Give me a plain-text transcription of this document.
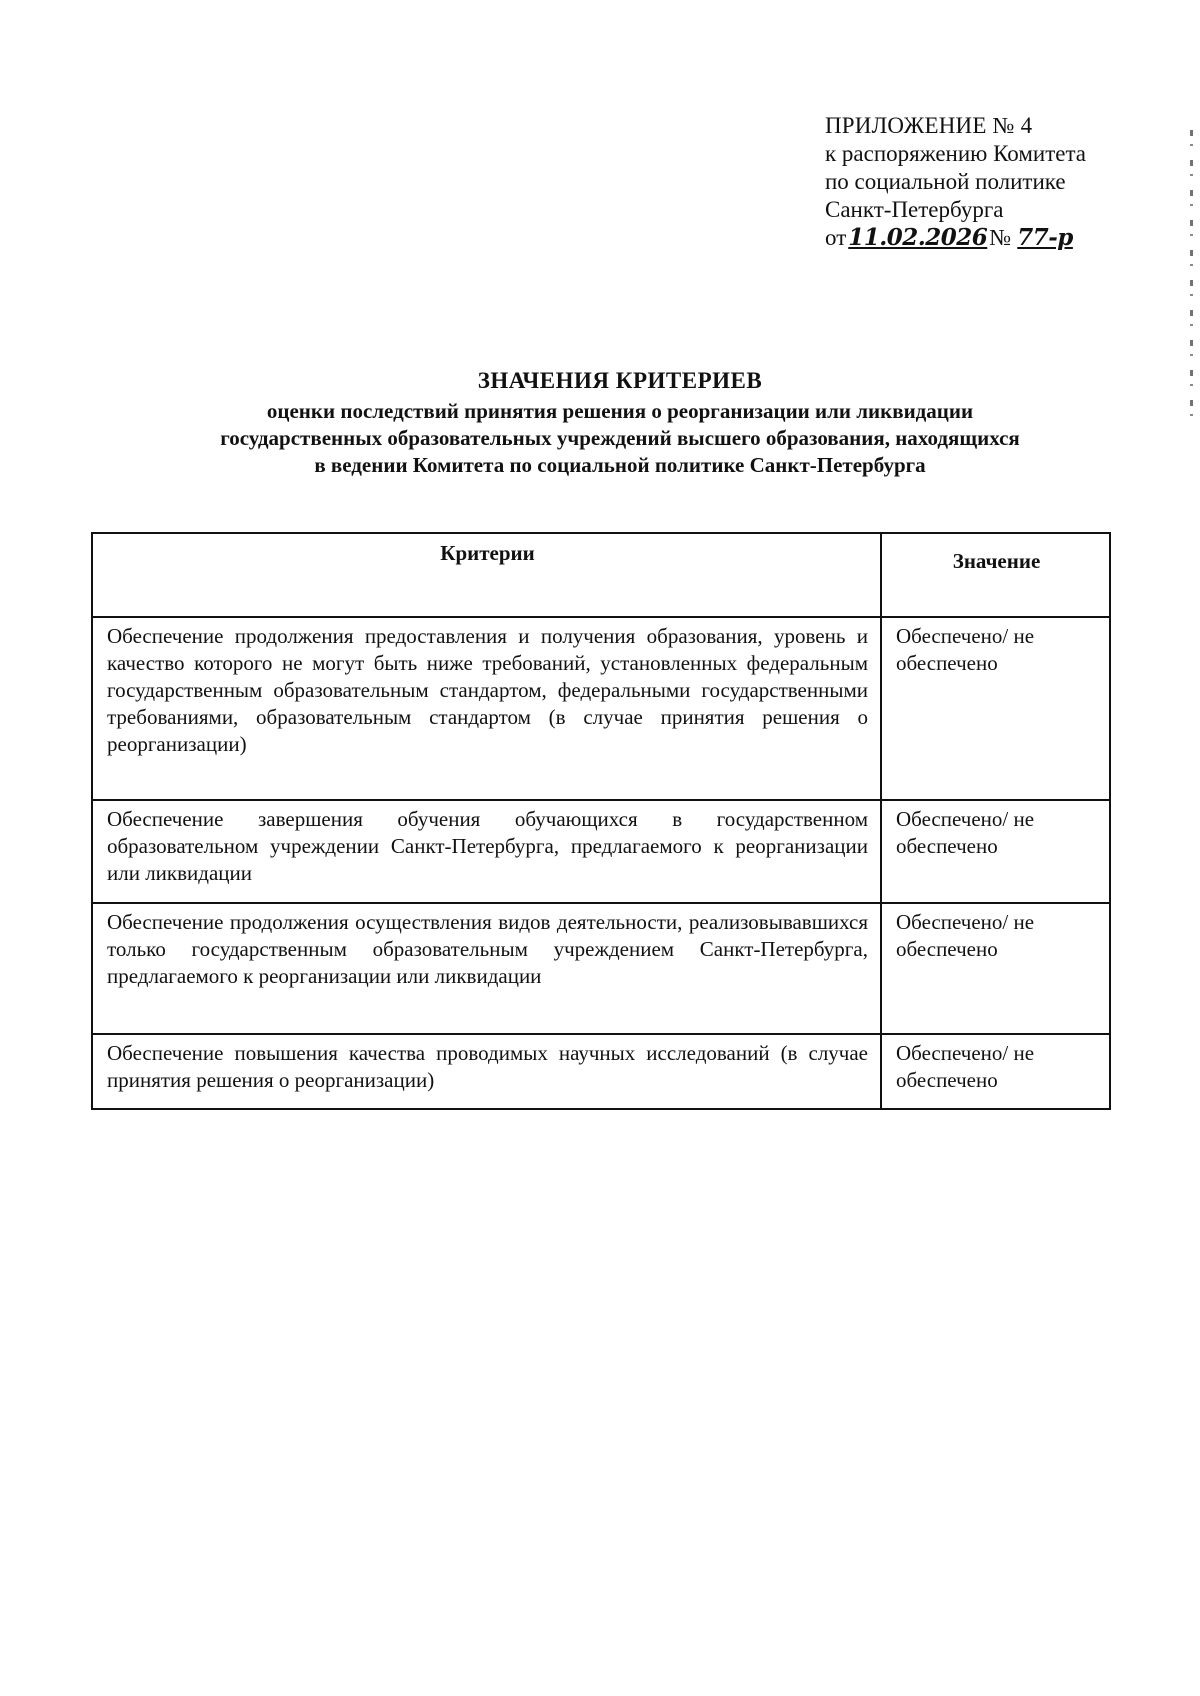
ПРИЛОЖЕНИЕ № 4
к распоряжению Комитета
по социальной политике
Санкт-Петербурга
от11.02.2026№ 77-р
ЗНАЧЕНИЯ КРИТЕРИЕВ
оценки последствий принятия решения о реорганизации или ликвидации
государственных образовательных учреждений высшего образования, находящихся
в ведении Комитета по социальной политике Санкт-Петербурга
Критерии	Значение
Обеспечение продолжения предоставления и получения образования, уровень и качество которого не могут быть ниже требований, установленных федеральным государственным образовательным стандартом, федеральными государственными требованиями, образовательным стандартом (в случае принятия решения о реорганизации)	Обеспечено/ не обеспечено
Обеспечение завершения обучения обучающихся в государственном образовательном учреждении Санкт-Петербурга, предлагаемого к реорганизации или ликвидации	Обеспечено/ не обеспечено
Обеспечение продолжения осуществления видов деятельности, реализовывавшихся только государственным образовательным учреждением Санкт-Петербурга, предлагаемого к реорганизации или ликвидации	Обеспечено/ не обеспечено
Обеспечение повышения качества проводимых научных исследований (в случае принятия решения о реорганизации)	Обеспечено/ не обеспечено
